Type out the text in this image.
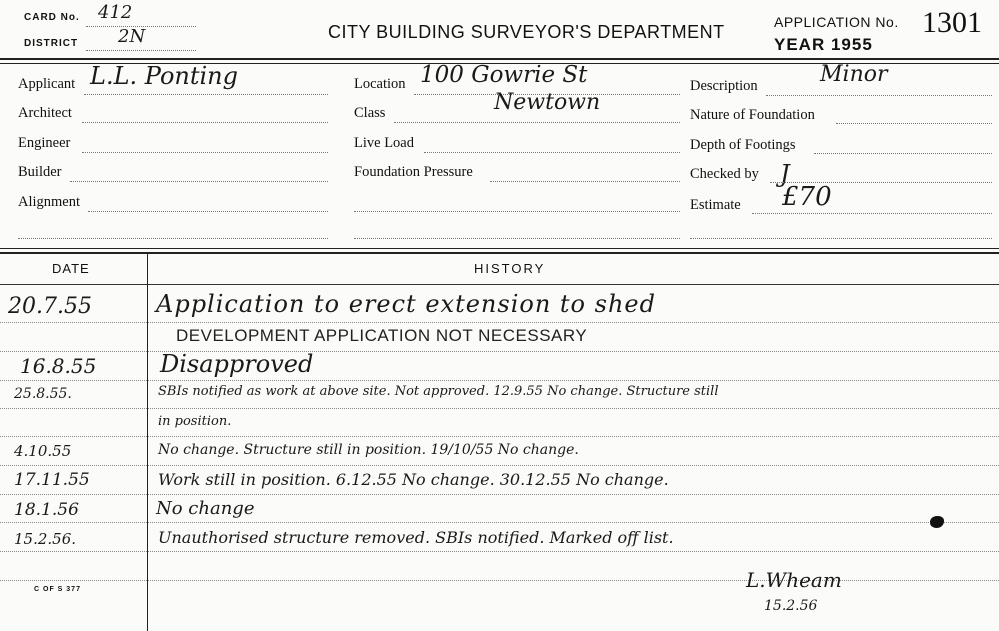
CARD No. 412
DISTRICT 2N	CITY BUILDING SURVEYOR'S DEPARTMENT	APPLICATION No. 1301
YEAR 1955
Applicant L.L. Ponting
Architect
Engineer
Builder
Alignment
Location 100 Gowrie St
Class	Newtown
Live Load
Foundation Pressure
Description	Minor
Nature of Foundation
Depth of Footings
Checked by J
Estimate £70
DATE	HISTORY
20.7.55	Application to erect extension to shed
DEVELOPMENT APPLICATION NOT NECESSARY
16.8.55	Disapproved
25.8.55.	SBIs notified as work at above site. Not approved. 12.9.55 No change. Structure still
in position.
4.10.55	No change. Structure still in position. 19/10/55 No change.
17.11.55	Work still in position. 6.12.55 No change. 30.12.55 No change.
18.1.56	No change
15.2.56.	Unauthorised structure removed. SBIs notified. Marked off list.
L.Wheam
15.2.56
C OF S 377
